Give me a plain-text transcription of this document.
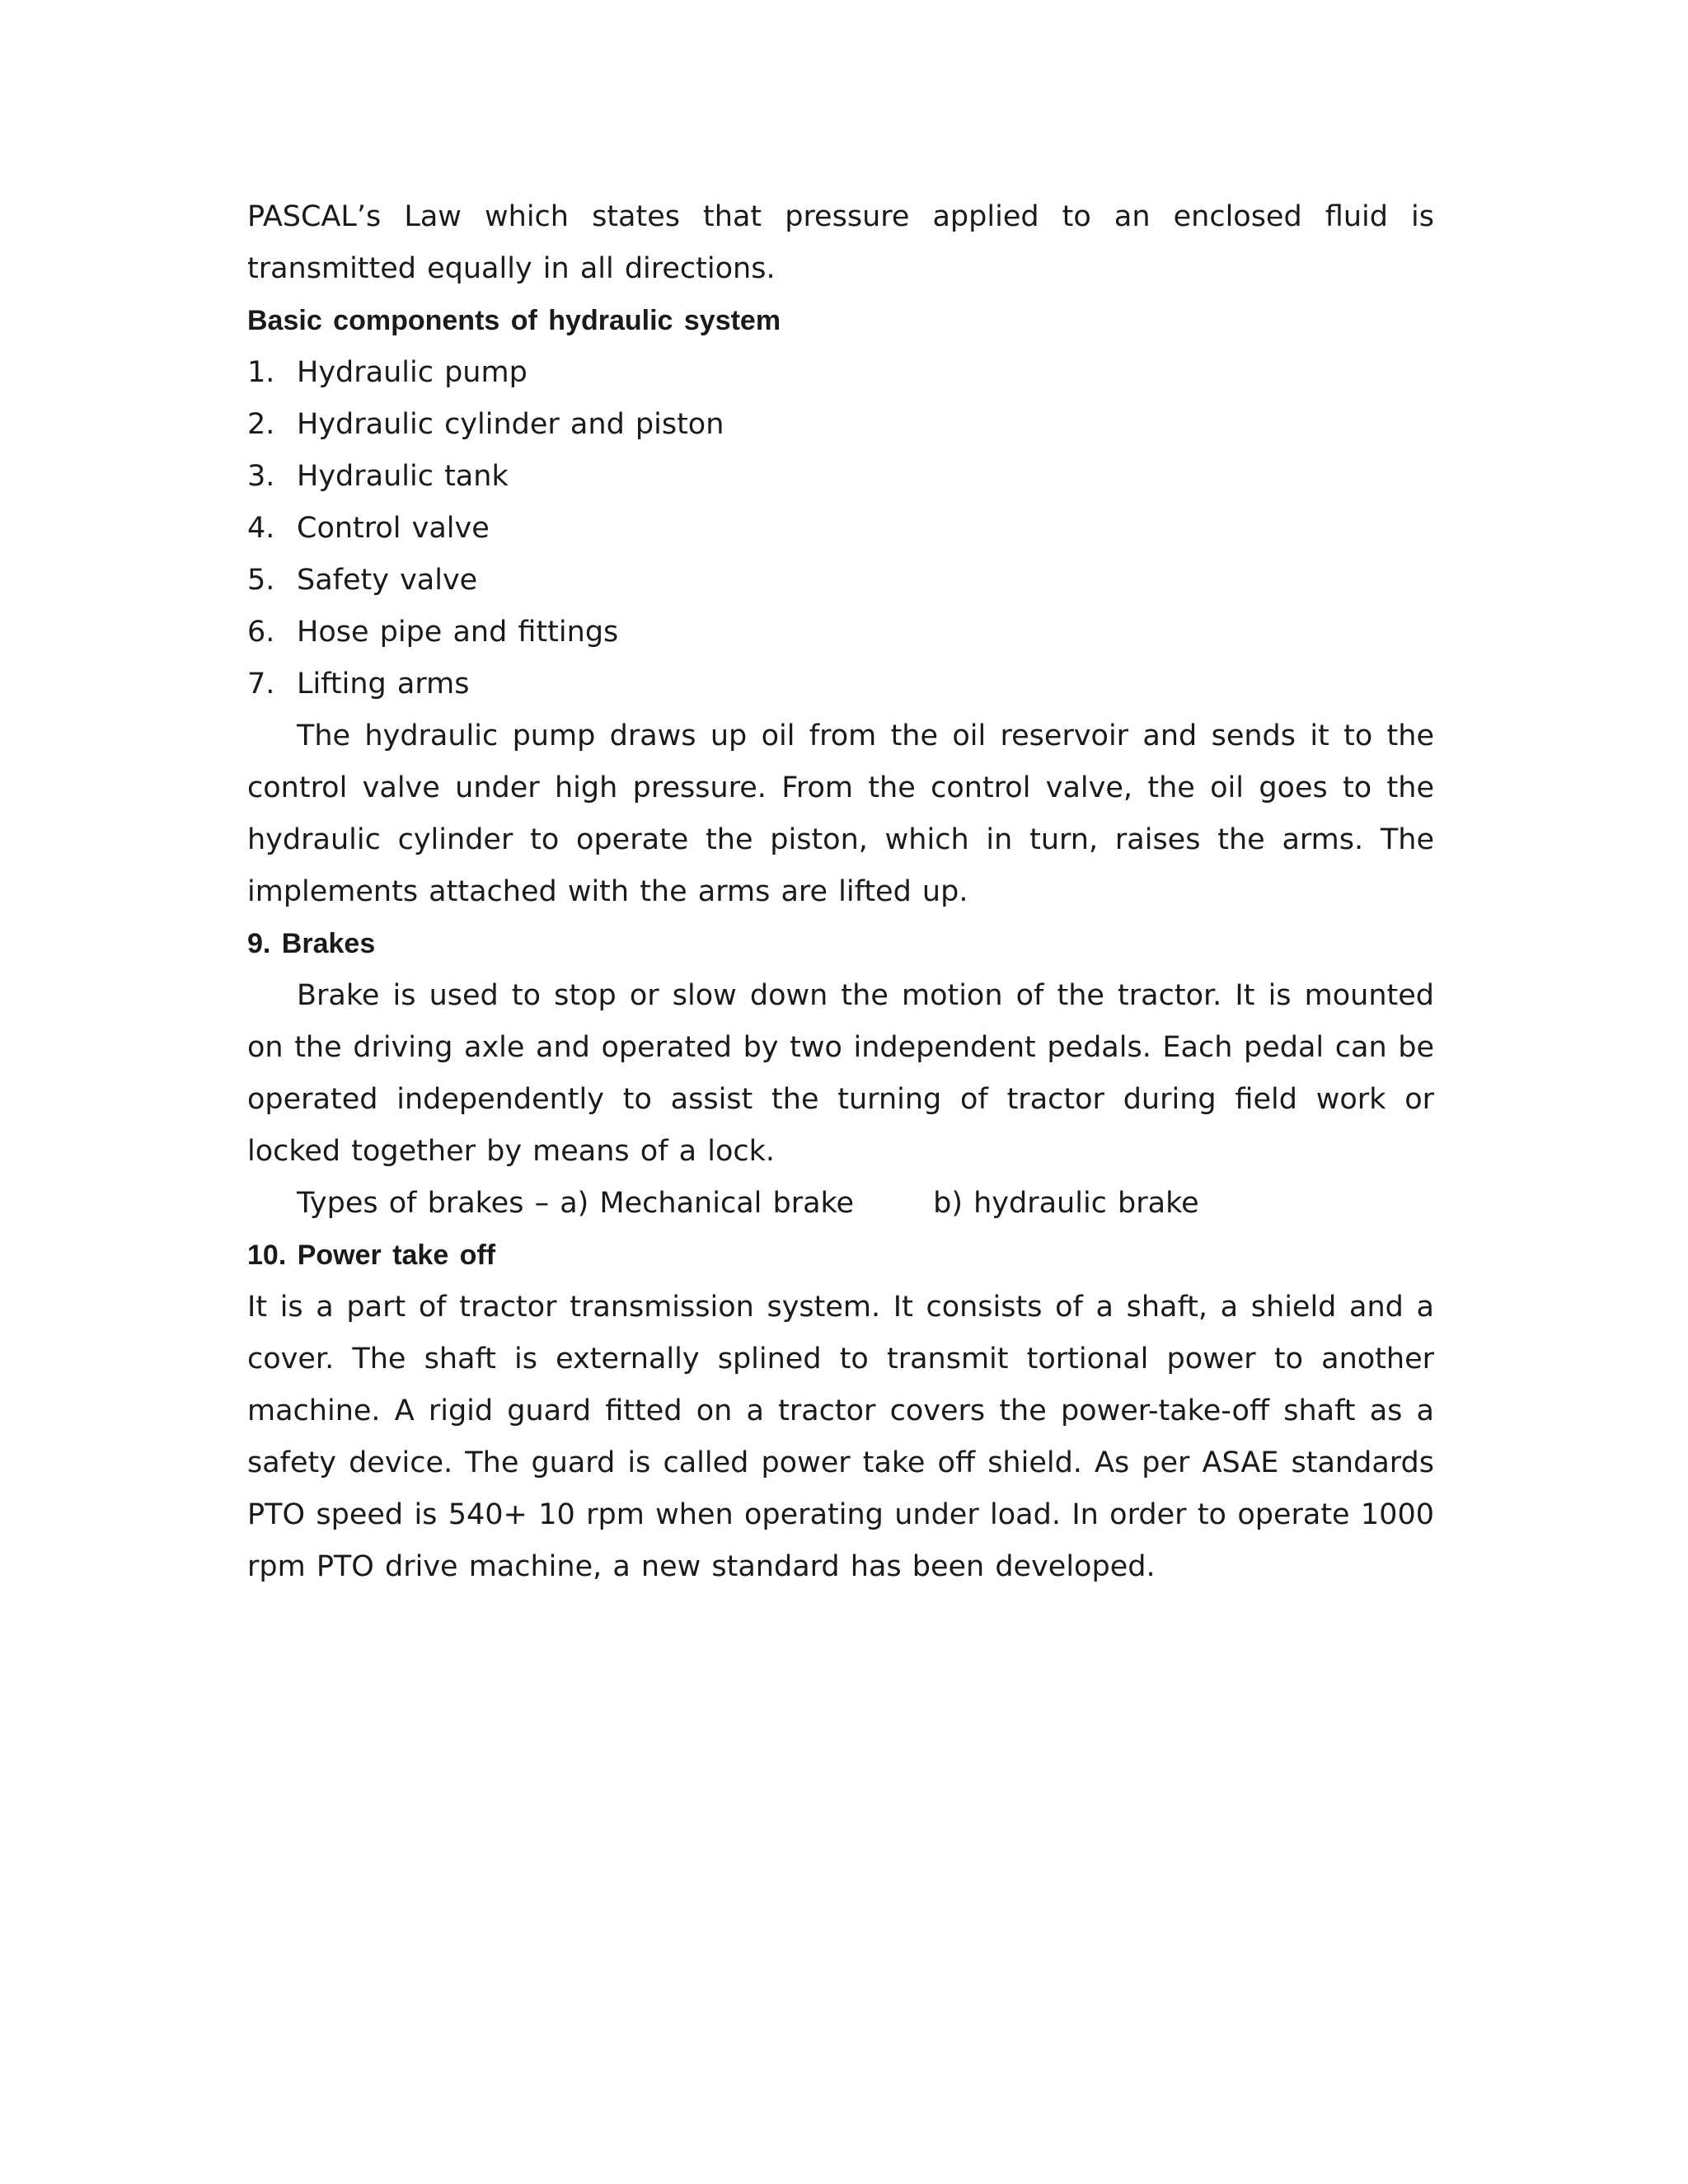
PASCAL’s Law which states that pressure applied to an enclosed fluid is transmitted equally in all directions.

Basic components of hydraulic system
1. Hydraulic pump
2. Hydraulic cylinder and piston
3. Hydraulic tank
4. Control valve
5. Safety valve
6. Hose pipe and fittings
7. Lifting arms

The hydraulic pump draws up oil from the oil reservoir and sends it to the control valve under high pressure. From the control valve, the oil goes to the hydraulic cylinder to operate the piston, which in turn, raises the arms. The implements attached with the arms are lifted up.

9. Brakes

Brake is used to stop or slow down the motion of the tractor. It is mounted on the driving axle and operated by two independent pedals. Each pedal can be operated independently to assist the turning of tractor during field work or locked together by means of a lock.

Types of brakes – a) Mechanical brake	b) hydraulic brake

10. Power take off

It is a part of tractor transmission system. It consists of a shaft, a shield and a cover. The shaft is externally splined to transmit tortional power to another machine. A rigid guard fitted on a tractor covers the power-take-off shaft as a safety device. The guard is called power take off shield. As per ASAE standards PTO speed is 540+ 10 rpm when operating under load. In order to operate 1000 rpm PTO drive machine, a new standard has been developed.
